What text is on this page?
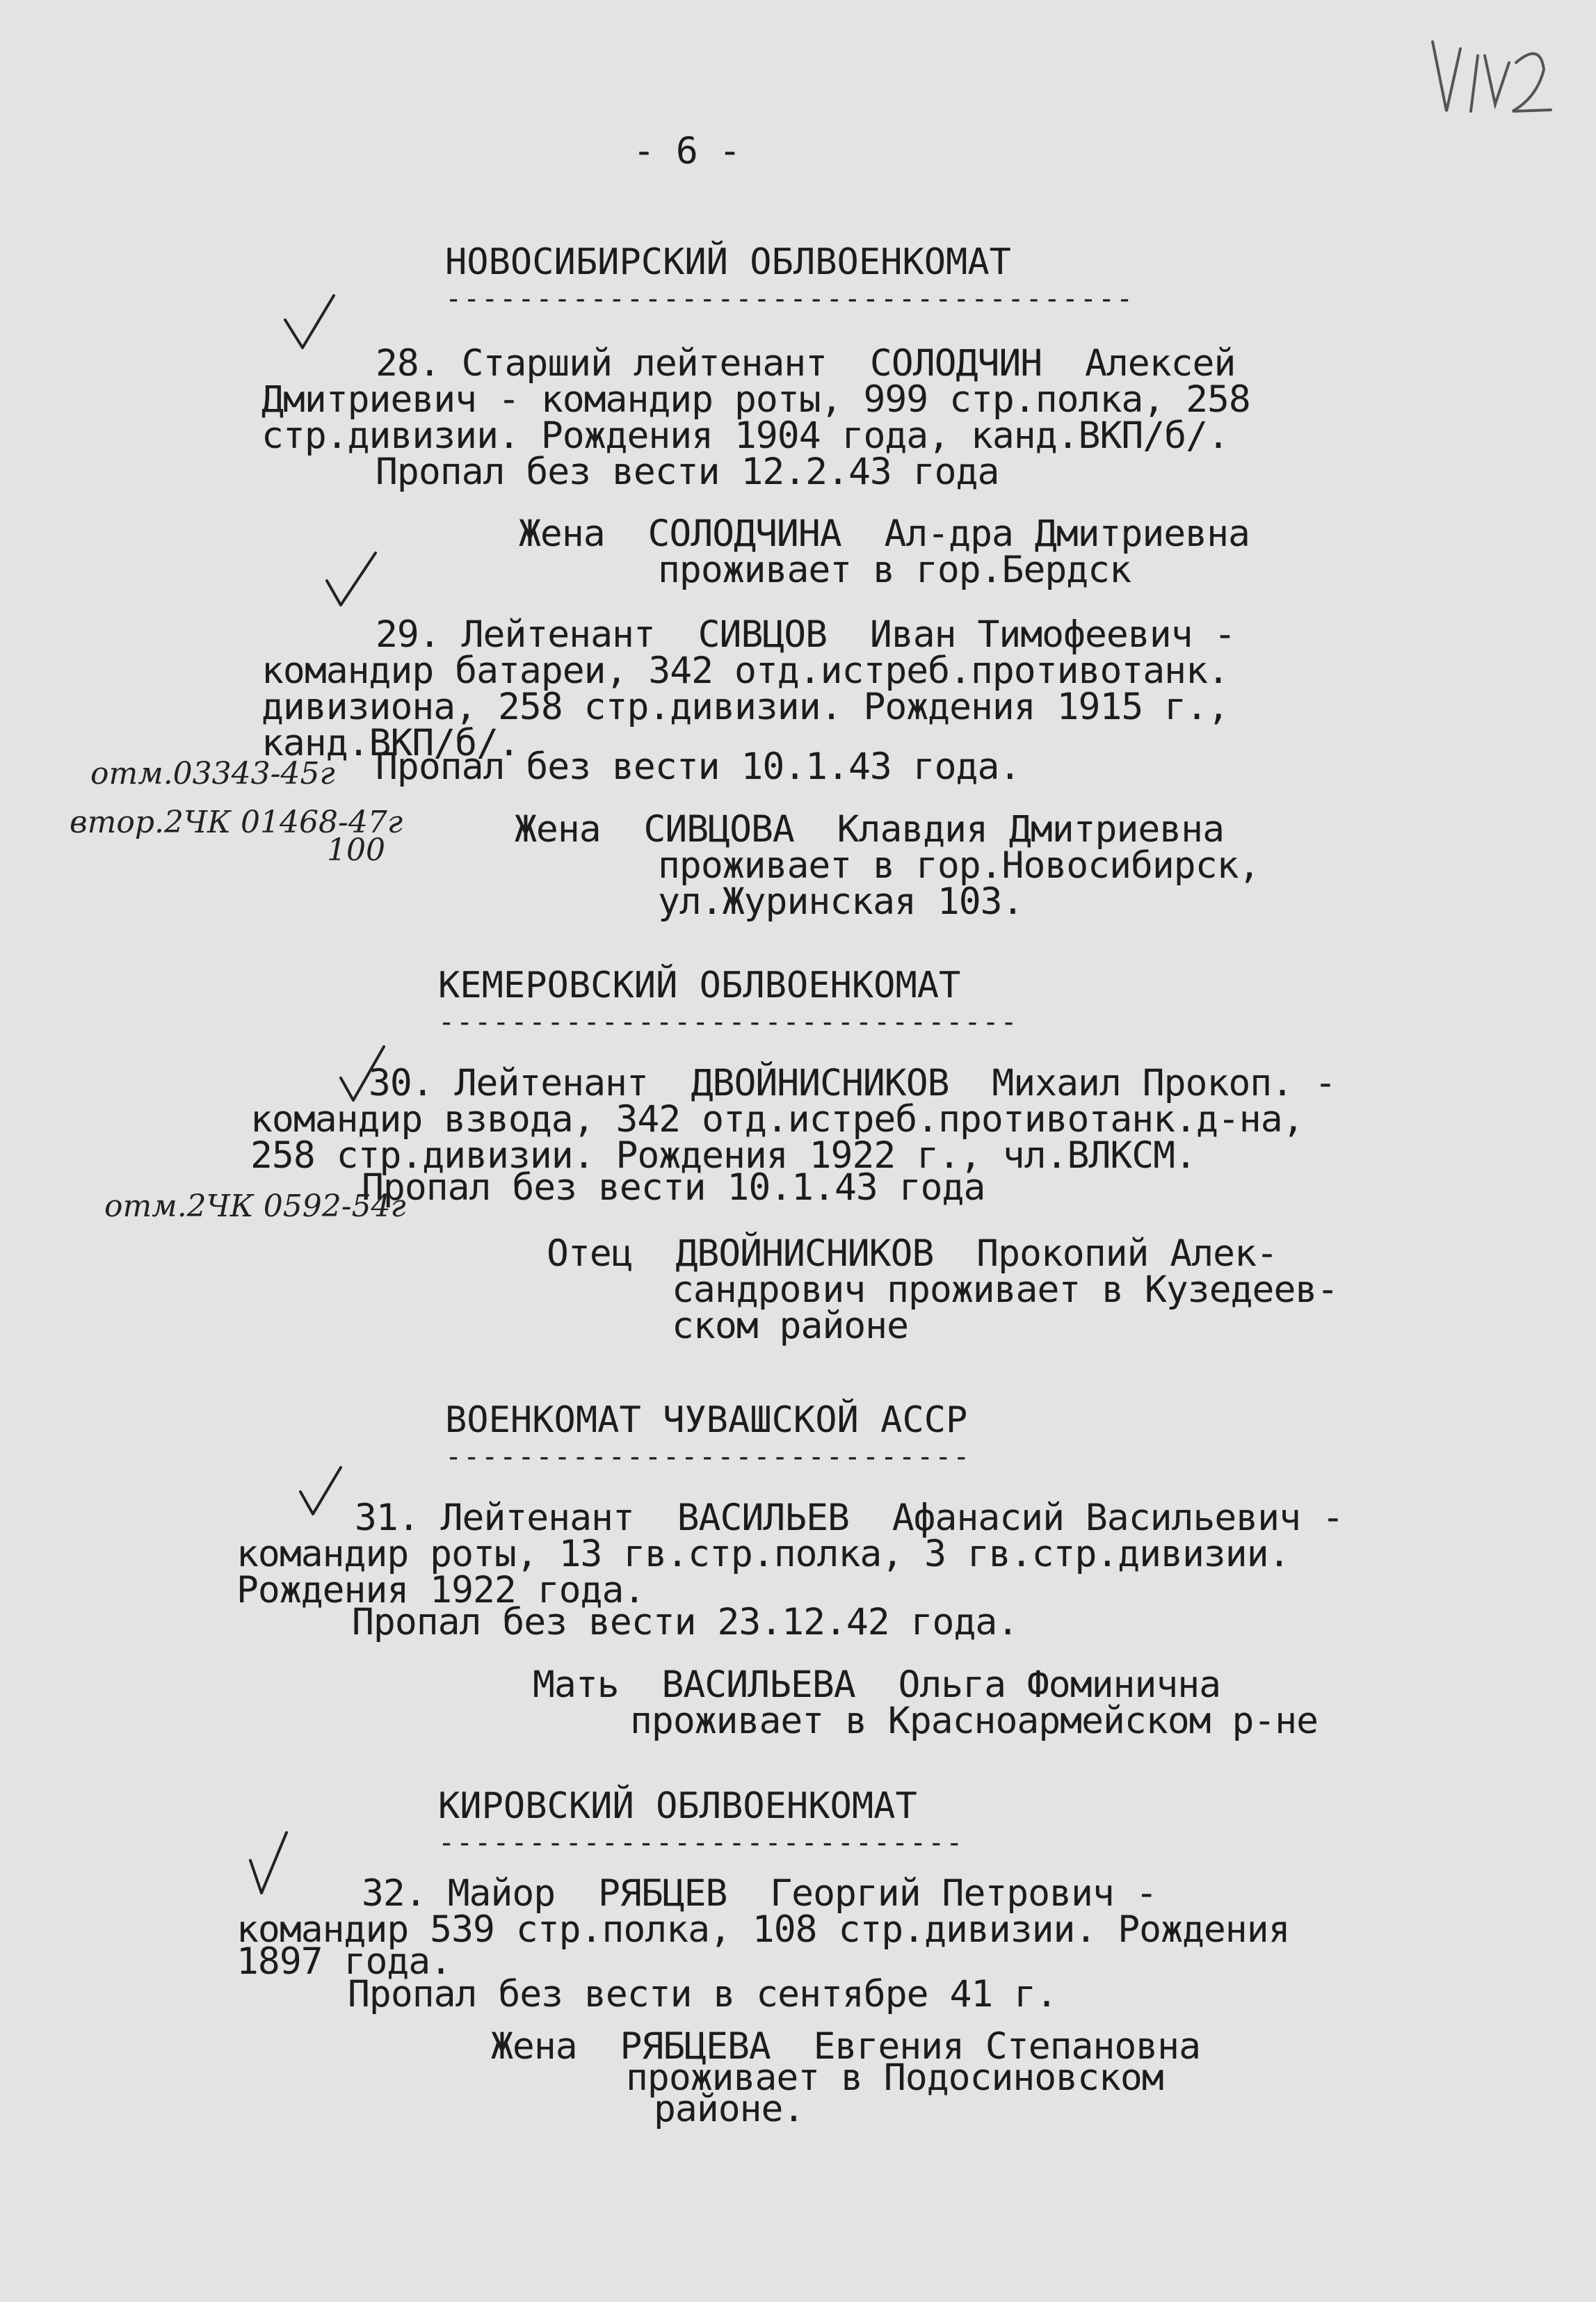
- 6 -
НОВОСИБИРСКИЙ ОБЛВОЕНКОМАТ
--------------------------------------
28. Старший лейтенант  СОЛОДЧИН  Алексей
Дмитриевич - командир роты, 999 стр.полка, 258
стр.дивизии. Рождения 1904 года, канд.ВКП/б/.
Пропал без вести 12.2.43 года
Жена  СОЛОДЧИНА  Ал-дра Дмитриевна
проживает в гор.Бердск
29. Лейтенант  СИВЦОВ  Иван Тимофеевич -
командир батареи, 342 отд.истреб.противотанк.
дивизиона, 258 стр.дивизии. Рождения 1915 г.,
канд.ВКП/б/.
Пропал без вести 10.1.43 года.
отм.03343-45г
втор.2ЧК 01468-47г
100	Жена  СИВЦОВА  Клавдия Дмитриевна
проживает в гор.Новосибирск,
ул.Журинская 103.
КЕМЕРОВСКИЙ ОБЛВОЕНКОМАТ
--------------------------------
30. Лейтенант  ДВОЙНИСНИКОВ  Михаил Прокоп. -
командир взвода, 342 отд.истреб.противотанк.д-на,
258 стр.дивизии. Рождения 1922 г., чл.ВЛКСМ.
Пропал без вести 10.1.43 года
отм.2ЧК 0592-54г
Отец  ДВОЙНИСНИКОВ  Прокопий Алек-
сандрович проживает в Кузедеев-
ском районе
ВОЕНКОМАТ ЧУВАШСКОЙ АССР
-----------------------------
31. Лейтенант  ВАСИЛЬЕВ  Афанасий Васильевич -
командир роты, 13 гв.стр.полка, 3 гв.стр.дивизии.
Рождения 1922 года.
Пропал без вести 23.12.42 года.
Мать  ВАСИЛЬЕВА  Ольга Фоминична
проживает в Красноармейском р-не
КИРОВСКИЙ ОБЛВОЕНКОМАТ
-----------------------------
32. Майор  РЯБЦЕВ  Георгий Петрович -
командир 539 стр.полка, 108 стр.дивизии. Рождения
1897 года.
Пропал без вести в сентябре 41 г.
Жена  РЯБЦЕВА  Евгения Степановна
проживает в Подосиновском
районе.
